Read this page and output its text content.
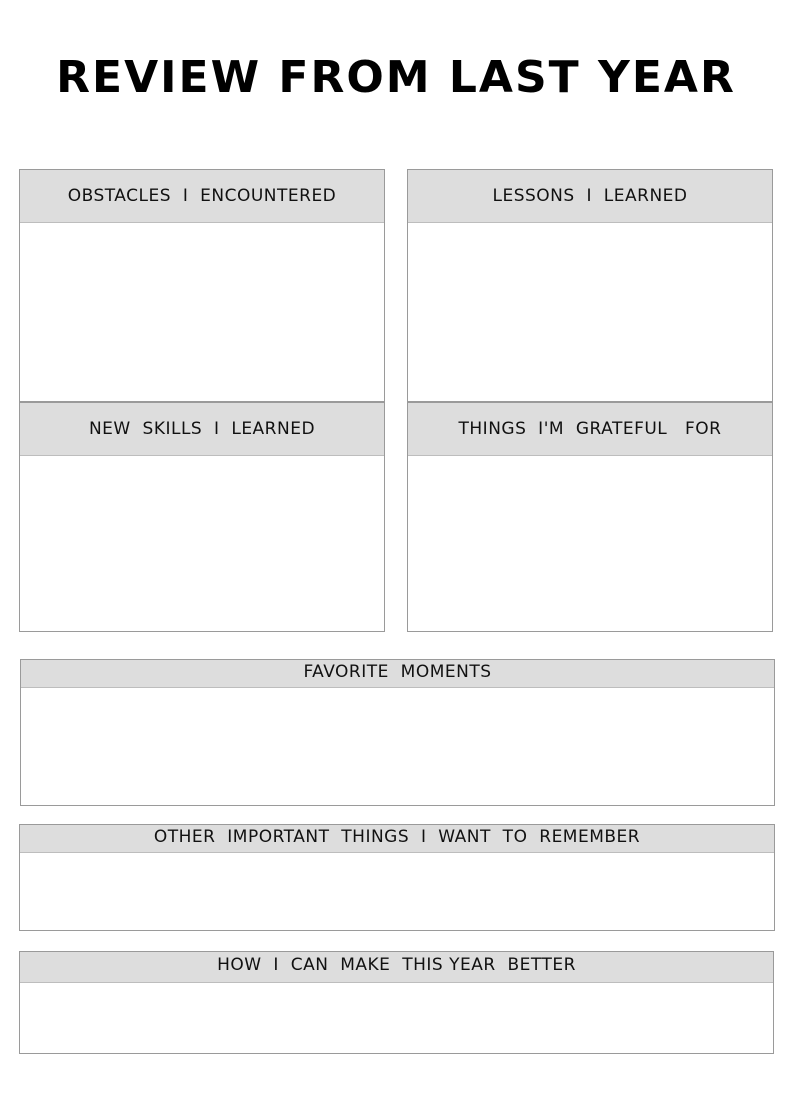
REVIEW FROM LAST YEAR
OBSTACLES  I  ENCOUNTERED	LESSONS  I  LEARNED
NEW  SKILLS  I  LEARNED	THINGS  I'M  GRATEFUL   FOR
FAVORITE  MOMENTS
OTHER  IMPORTANT  THINGS  I  WANT  TO  REMEMBER
HOW  I  CAN  MAKE  THIS YEAR  BETTER
